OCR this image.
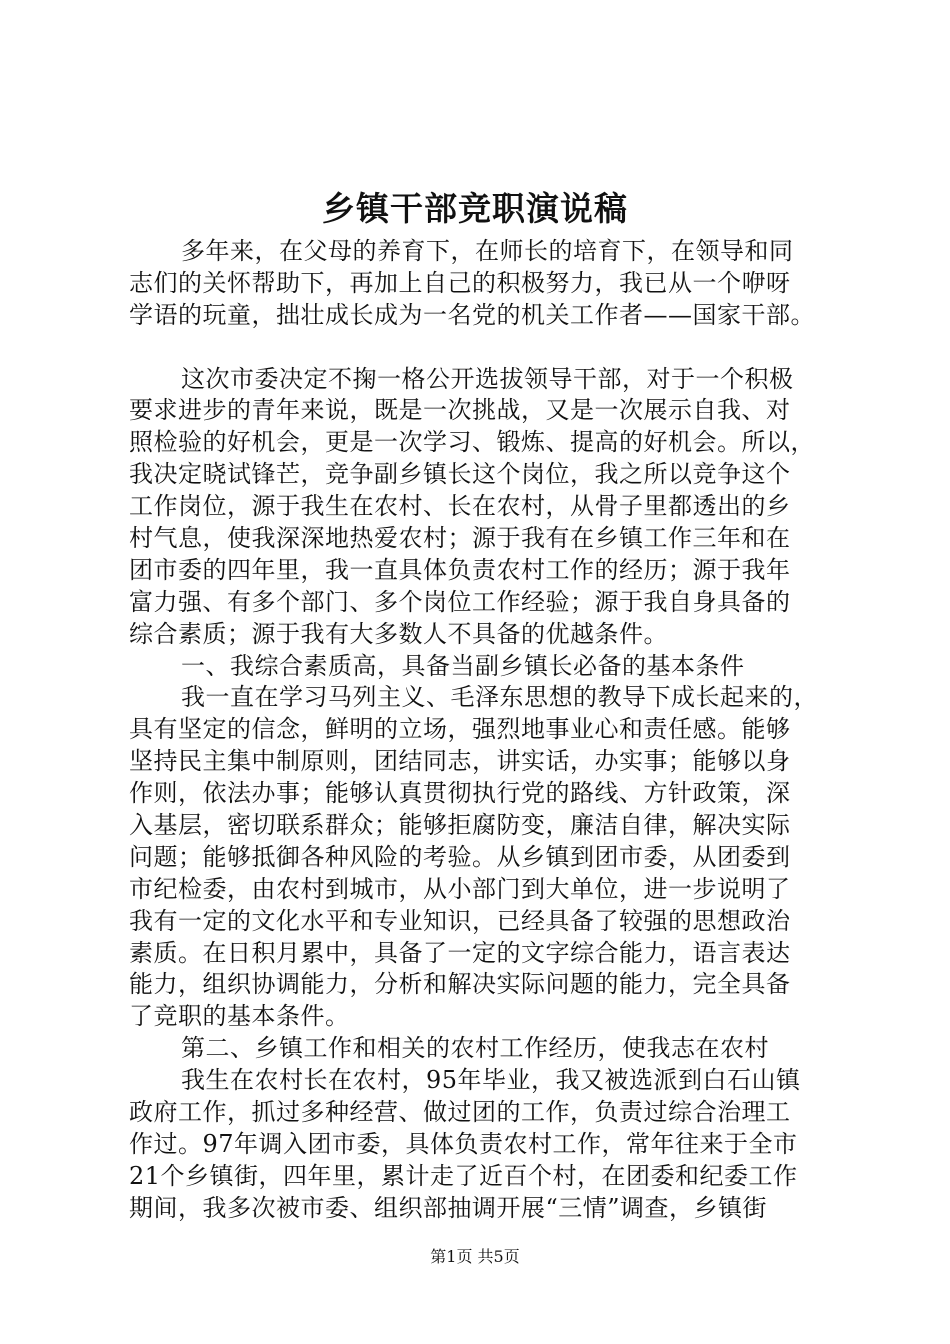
乡镇干部竞职演说稿
多年来，在父母的养育下，在师长的培育下，在领导和同
志们的关怀帮助下，再加上自己的积极努力，我已从一个咿呀
学语的玩童，拙壮成长成为一名党的机关工作者——国家干部。
这次市委决定不掬一格公开选拔领导干部，对于一个积极
要求进步的青年来说，既是一次挑战，又是一次展示自我、对
照检验的好机会，更是一次学习、锻炼、提高的好机会。所以，
我决定晓试锋芒，竞争副乡镇长这个岗位，我之所以竞争这个
工作岗位，源于我生在农村、长在农村，从骨子里都透出的乡
村气息，使我深深地热爱农村；源于我有在乡镇工作三年和在
团市委的四年里，我一直具体负责农村工作的经历；源于我年
富力强、有多个部门、多个岗位工作经验；源于我自身具备的
综合素质；源于我有大多数人不具备的优越条件。
一、我综合素质高，具备当副乡镇长必备的基本条件
我一直在学习马列主义、毛泽东思想的教导下成长起来的，
具有坚定的信念，鲜明的立场，强烈地事业心和责任感。能够
坚持民主集中制原则，团结同志，讲实话，办实事；能够以身
作则，依法办事；能够认真贯彻执行党的路线、方针政策，深
入基层，密切联系群众；能够拒腐防变，廉洁自律，解决实际
问题；能够抵御各种风险的考验。从乡镇到团市委，从团委到
市纪检委，由农村到城市，从小部门到大单位，进一步说明了
我有一定的文化水平和专业知识，已经具备了较强的思想政治
素质。在日积月累中，具备了一定的文字综合能力，语言表达
能力，组织协调能力，分析和解决实际问题的能力，完全具备
了竞职的基本条件。
第二、乡镇工作和相关的农村工作经历，使我志在农村
我生在农村长在农村，95年毕业，我又被选派到白石山镇
政府工作，抓过多种经营、做过团的工作，负责过综合治理工
作过。97年调入团市委，具体负责农村工作，常年往来于全市
21个乡镇街，四年里，累计走了近百个村，在团委和纪委工作
期间，我多次被市委、组织部抽调开展“三情”调查，乡镇街
第1页 共5页
